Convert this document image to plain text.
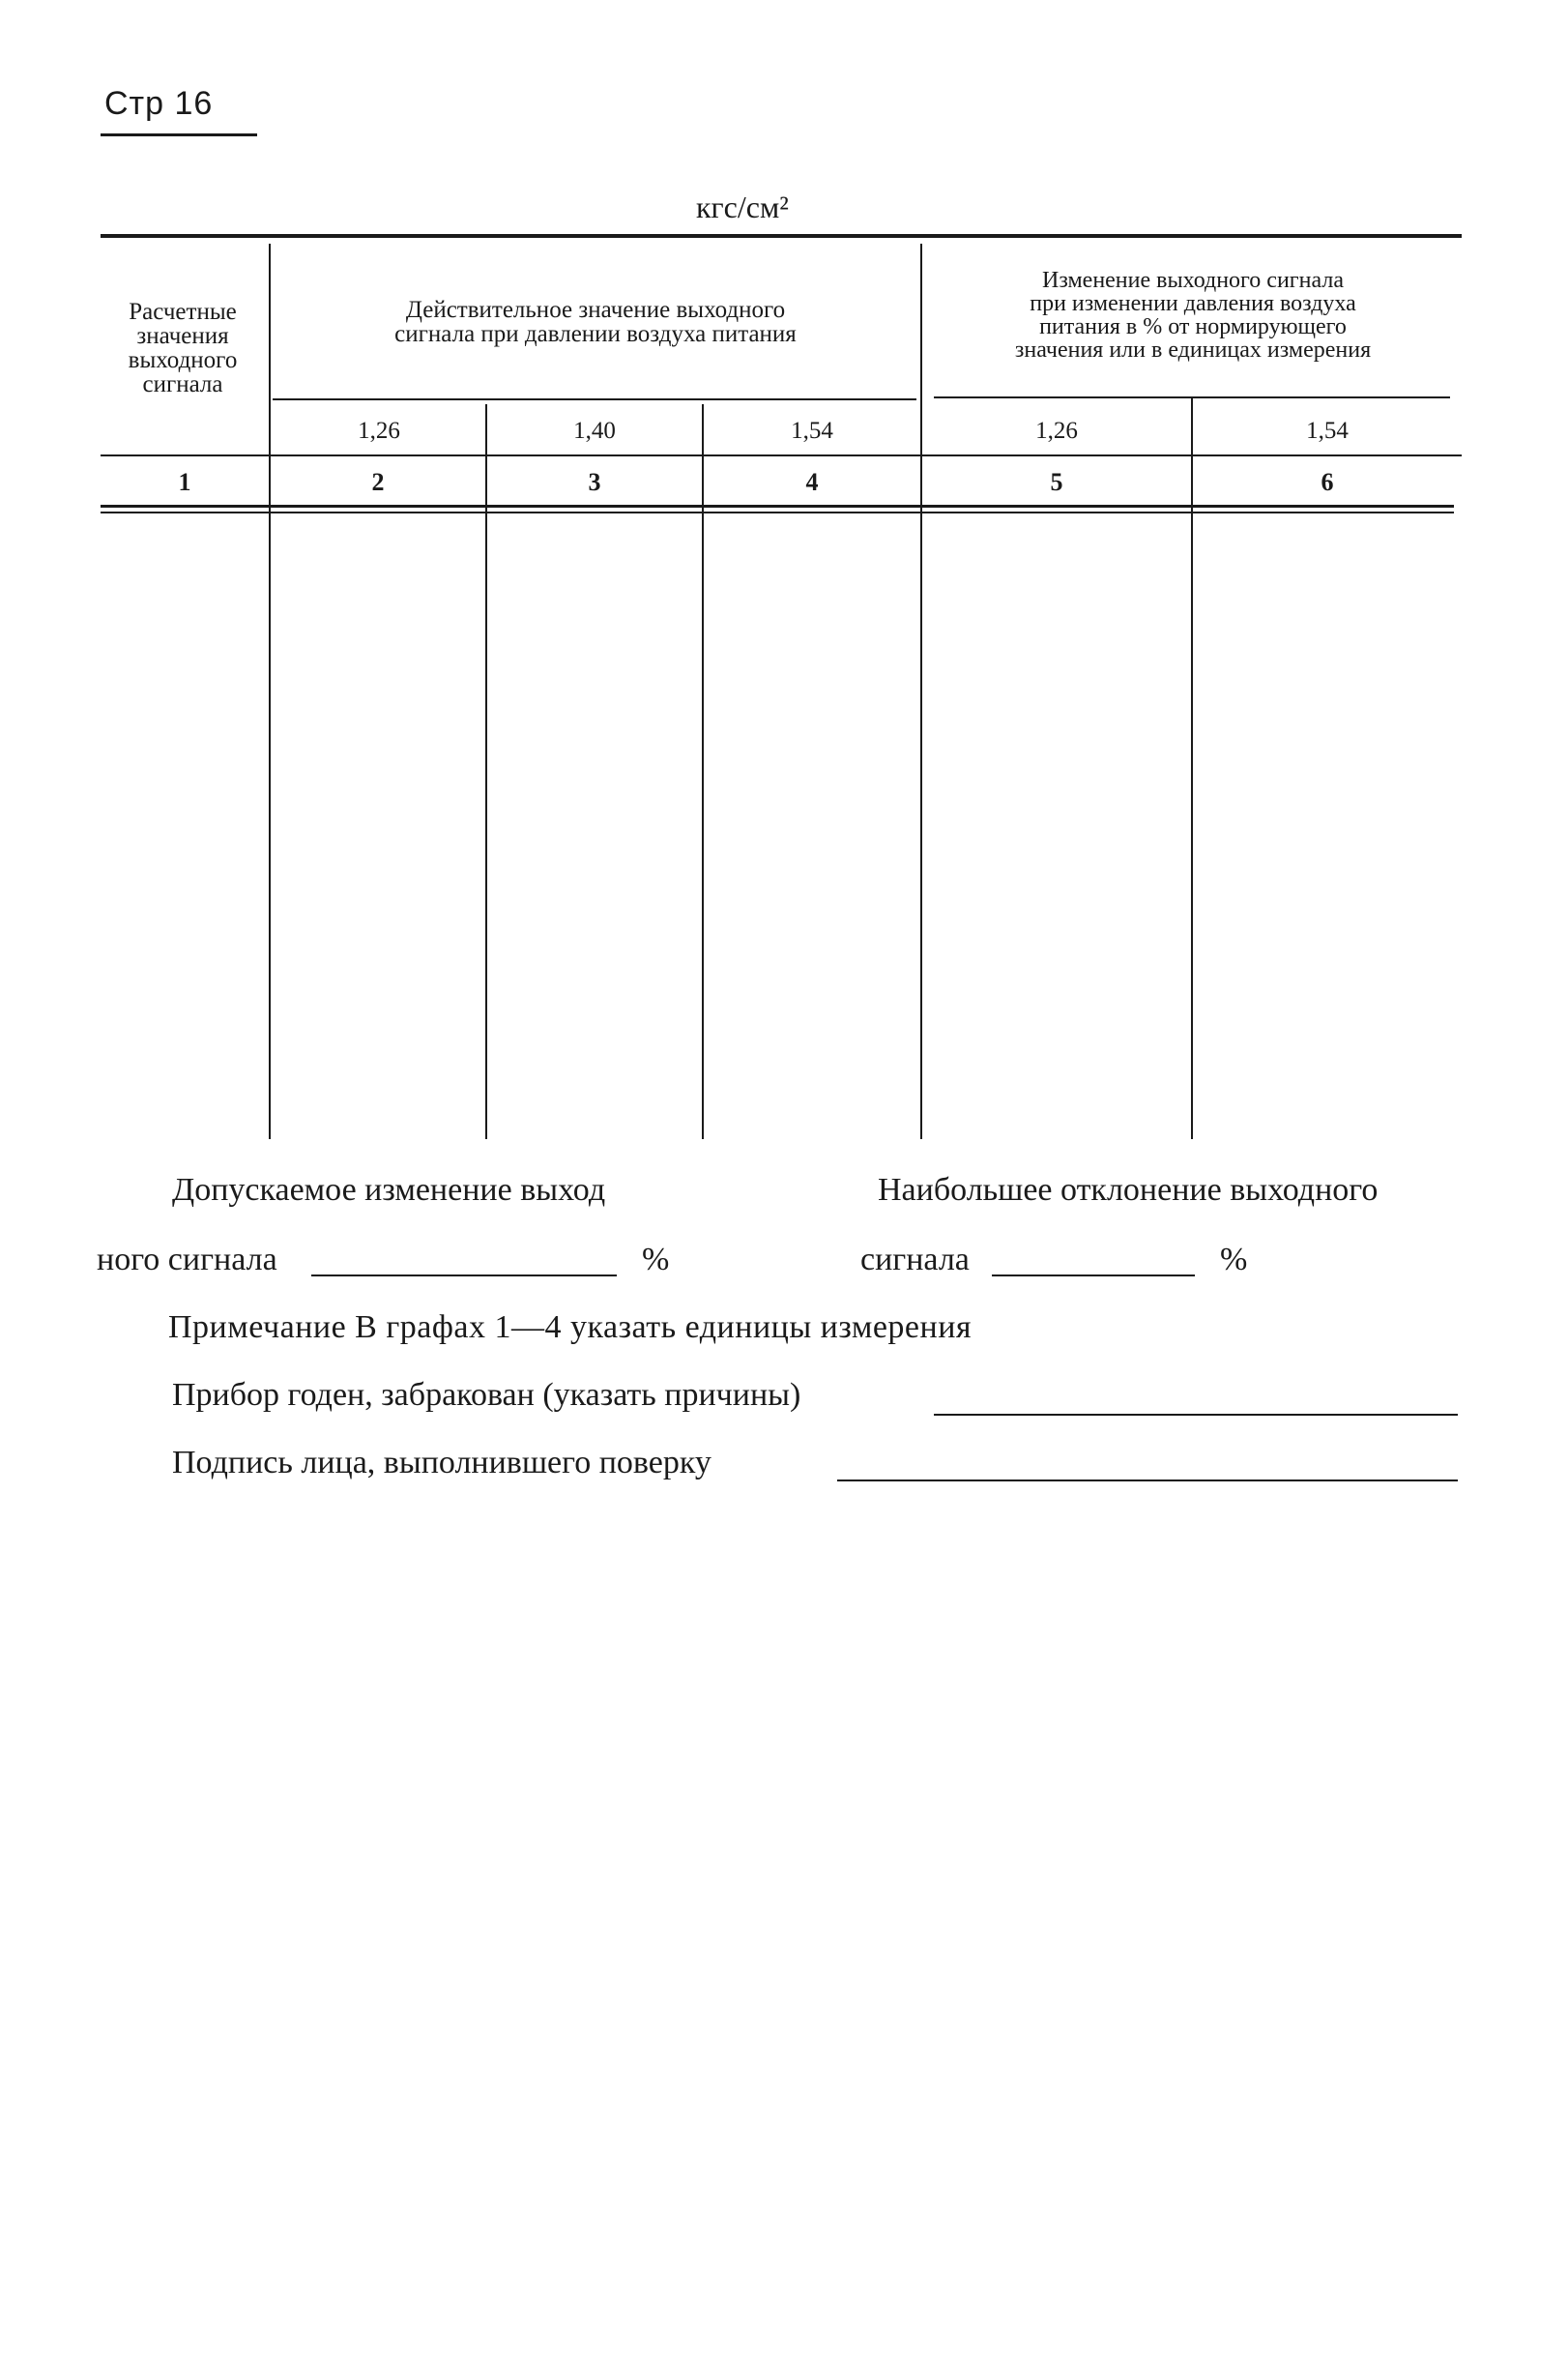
Стр 16
кгс/см²
Расчетные
значения
выходного
сигнала
Действительное значение выходного
сигнала при давлении воздуха питания
Изменение выходного сигнала
при изменении давления воздуха
питания в % от нормирующего
значения или в единицах измерения
1,26	1,40	1,54	1,26	1,54
1	2	3	4	5	6
Допускаемое изменение выход
ного сигнала	%
Наибольшее отклонение выходного
сигнала	%
Примечание В графах 1—4 указать единицы измерения
Прибор годен, забракован (указать причины)
Подпись лица, выполнившего поверку
